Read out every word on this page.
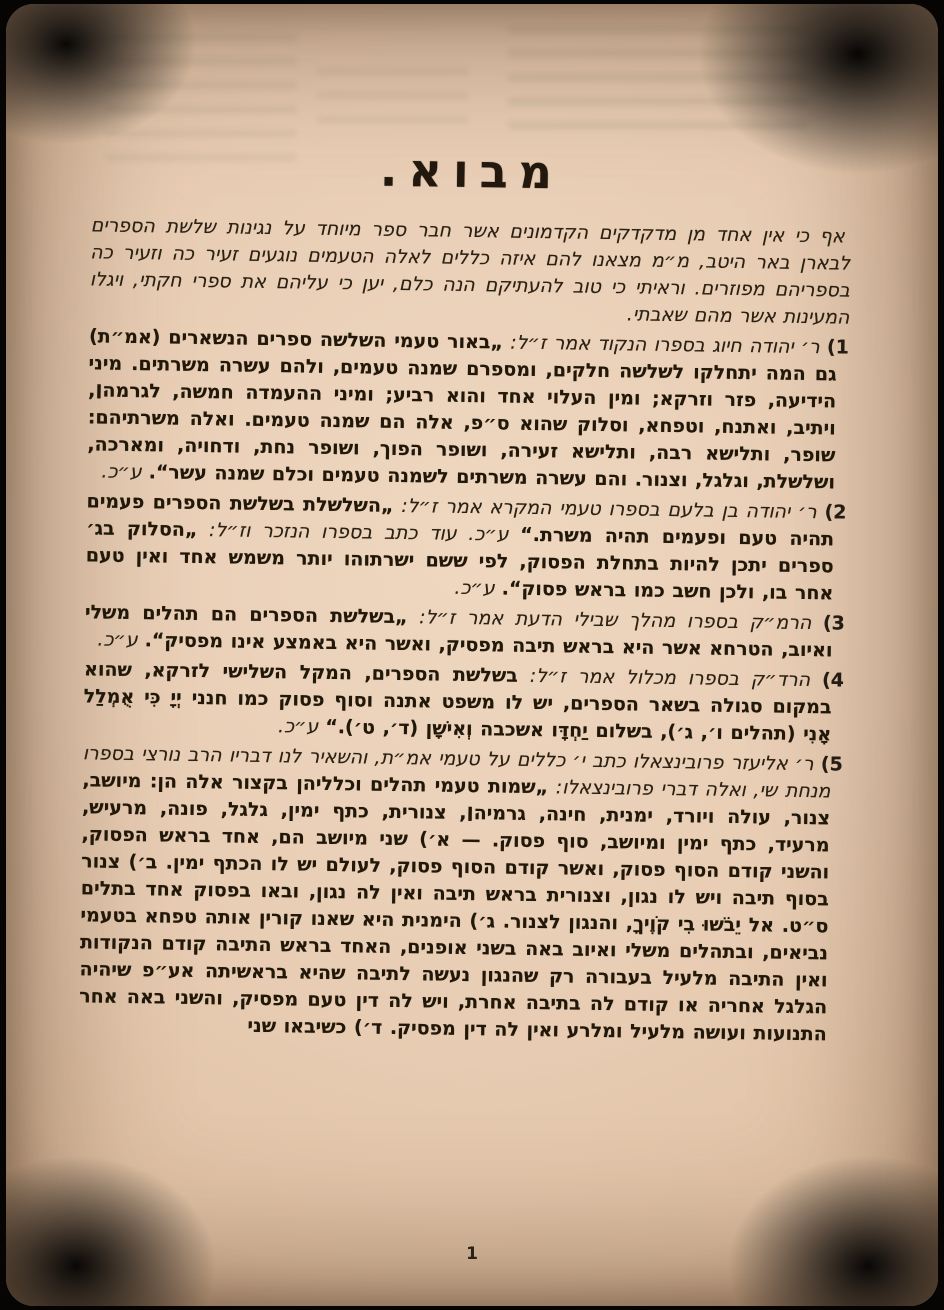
מבוא.

אף כי אין אחד מן מדקדקים הקדמונים אשר חבר ספר מיוחד על נגינות שלשת הספרים לבארן באר היטב, מ״מ מצאנו להם איזה כללים לאלה הטעמים נוגעים זעיר כה וזעיר כה בספריהם מפוזרים. וראיתי כי טוב להעתיקם הנה כלם, יען כי עליהם את ספרי חקתי, ויגלו המעינות אשר מהם שאבתי.

1) ר׳ יהודה חיוג בספרו הנקוד אמר ז״ל: „באור טעמי השלשה ספרים הנשארים (אמ״ת) גם המה יתחלקו לשלשה חלקים, ומספרם שמנה טעמים, ולהם עשרה משרתים. מיני הידיעה, פזר וזרקא; ומין העלוי אחד והוא רביע; ומיני ההעמדה חמשה, לגרמה׀, ויתיב, ואתנח, וטפחא, וסלוק שהוא ס״פ, אלה הם שמנה טעמים. ואלה משרתיהם: שופר, ותלישא רבה, ותלישא זעירה, ושופר הפוך, ושופר נחת, ודחויה, ומארכה, ושלשלת, וגלגל, וצנור. והם עשרה משרתים לשמנה טעמים וכלם שמנה עשר“. ע״כ.

2) ר׳ יהודה בן בלעם בספרו טעמי המקרא אמר ז״ל: „השלשלת בשלשת הספרים פעמים תהיה טעם ופעמים תהיה משרת.“ ע״כ. עוד כתב בספרו הנזכר וז״ל: „הסלוק בג׳ ספרים יתכן להיות בתחלת הפסוק, לפי ששם ישרתוהו יותר משמש אחד ואין טעם אחר בו, ולכן חשב כמו בראש פסוק“. ע״כ.

3) הרמ״ק בספרו מהלך שבילי הדעת אמר ז״ל: „בשלשת הספרים הם תהלים משלי ואיוב, הטרחא אשר היא בראש תיבה מפסיק, ואשר היא באמצע אינו מפסיק“. ע״כ.

4) הרד״ק בספרו מכלול אמר ז״ל: בשלשת הספרים, המקל השלישי לזרקא, שהוא במקום סגולה בשאר הספרים, יש לו משפט אתנה וסוף פסוק כמו חנני יְיָ כִּי אֻמְלַל אָנִי (תהלים ו׳, ג׳), בשלום יַחְדָּו אשכבה וְאִישָׁן (ד׳, ט׳).“ ע״כ.

5) ר׳ אליעזר פרובינצאלו כתב י׳ כללים על טעמי אמ״ת, והשאיר לנו דבריו הרב נורצי בספרו מנחת שי, ואלה דברי פרובינצאלו: „שמות טעמי תהלים וכלליהן בקצור אלה הן: מיושב, צנור, עולה ויורד, ימנית, חינה, גרמיה׀, צנורית, כתף ימין, גלגל, פונה, מרעיש, מרעיד, כתף ימין ומיושב, סוף פסוק. — א׳) שני מיושב הם, אחד בראש הפסוק, והשני קודם הסוף פסוק, ואשר קודם הסוף פסוק, לעולם יש לו הכתף ימין. ב׳) צנור בסוף תיבה ויש לו נגון, וצנורית בראש תיבה ואין לה נגון, ובאו בפסוק אחד בתלים ס״ט. אל יֵבֹשׁוּ בִי קֹוֶיךָ, והנגון לצנור. ג׳) הימנית היא שאנו קורין אותה טפחא בטעמי נביאים, ובתהלים משלי ואיוב באה בשני אופנים, האחד בראש התיבה קודם הנקודות ואין התיבה מלעיל בעבורה רק שהנגון נעשה לתיבה שהיא בראשיתה אע״פ שיהיה הגלגל אחריה או קודם לה בתיבה אחרת, ויש לה דין טעם מפסיק, והשני באה אחר התנועות ועושה מלעיל ומלרע ואין לה דין מפסיק. ד׳) כשיבאו שני

1
